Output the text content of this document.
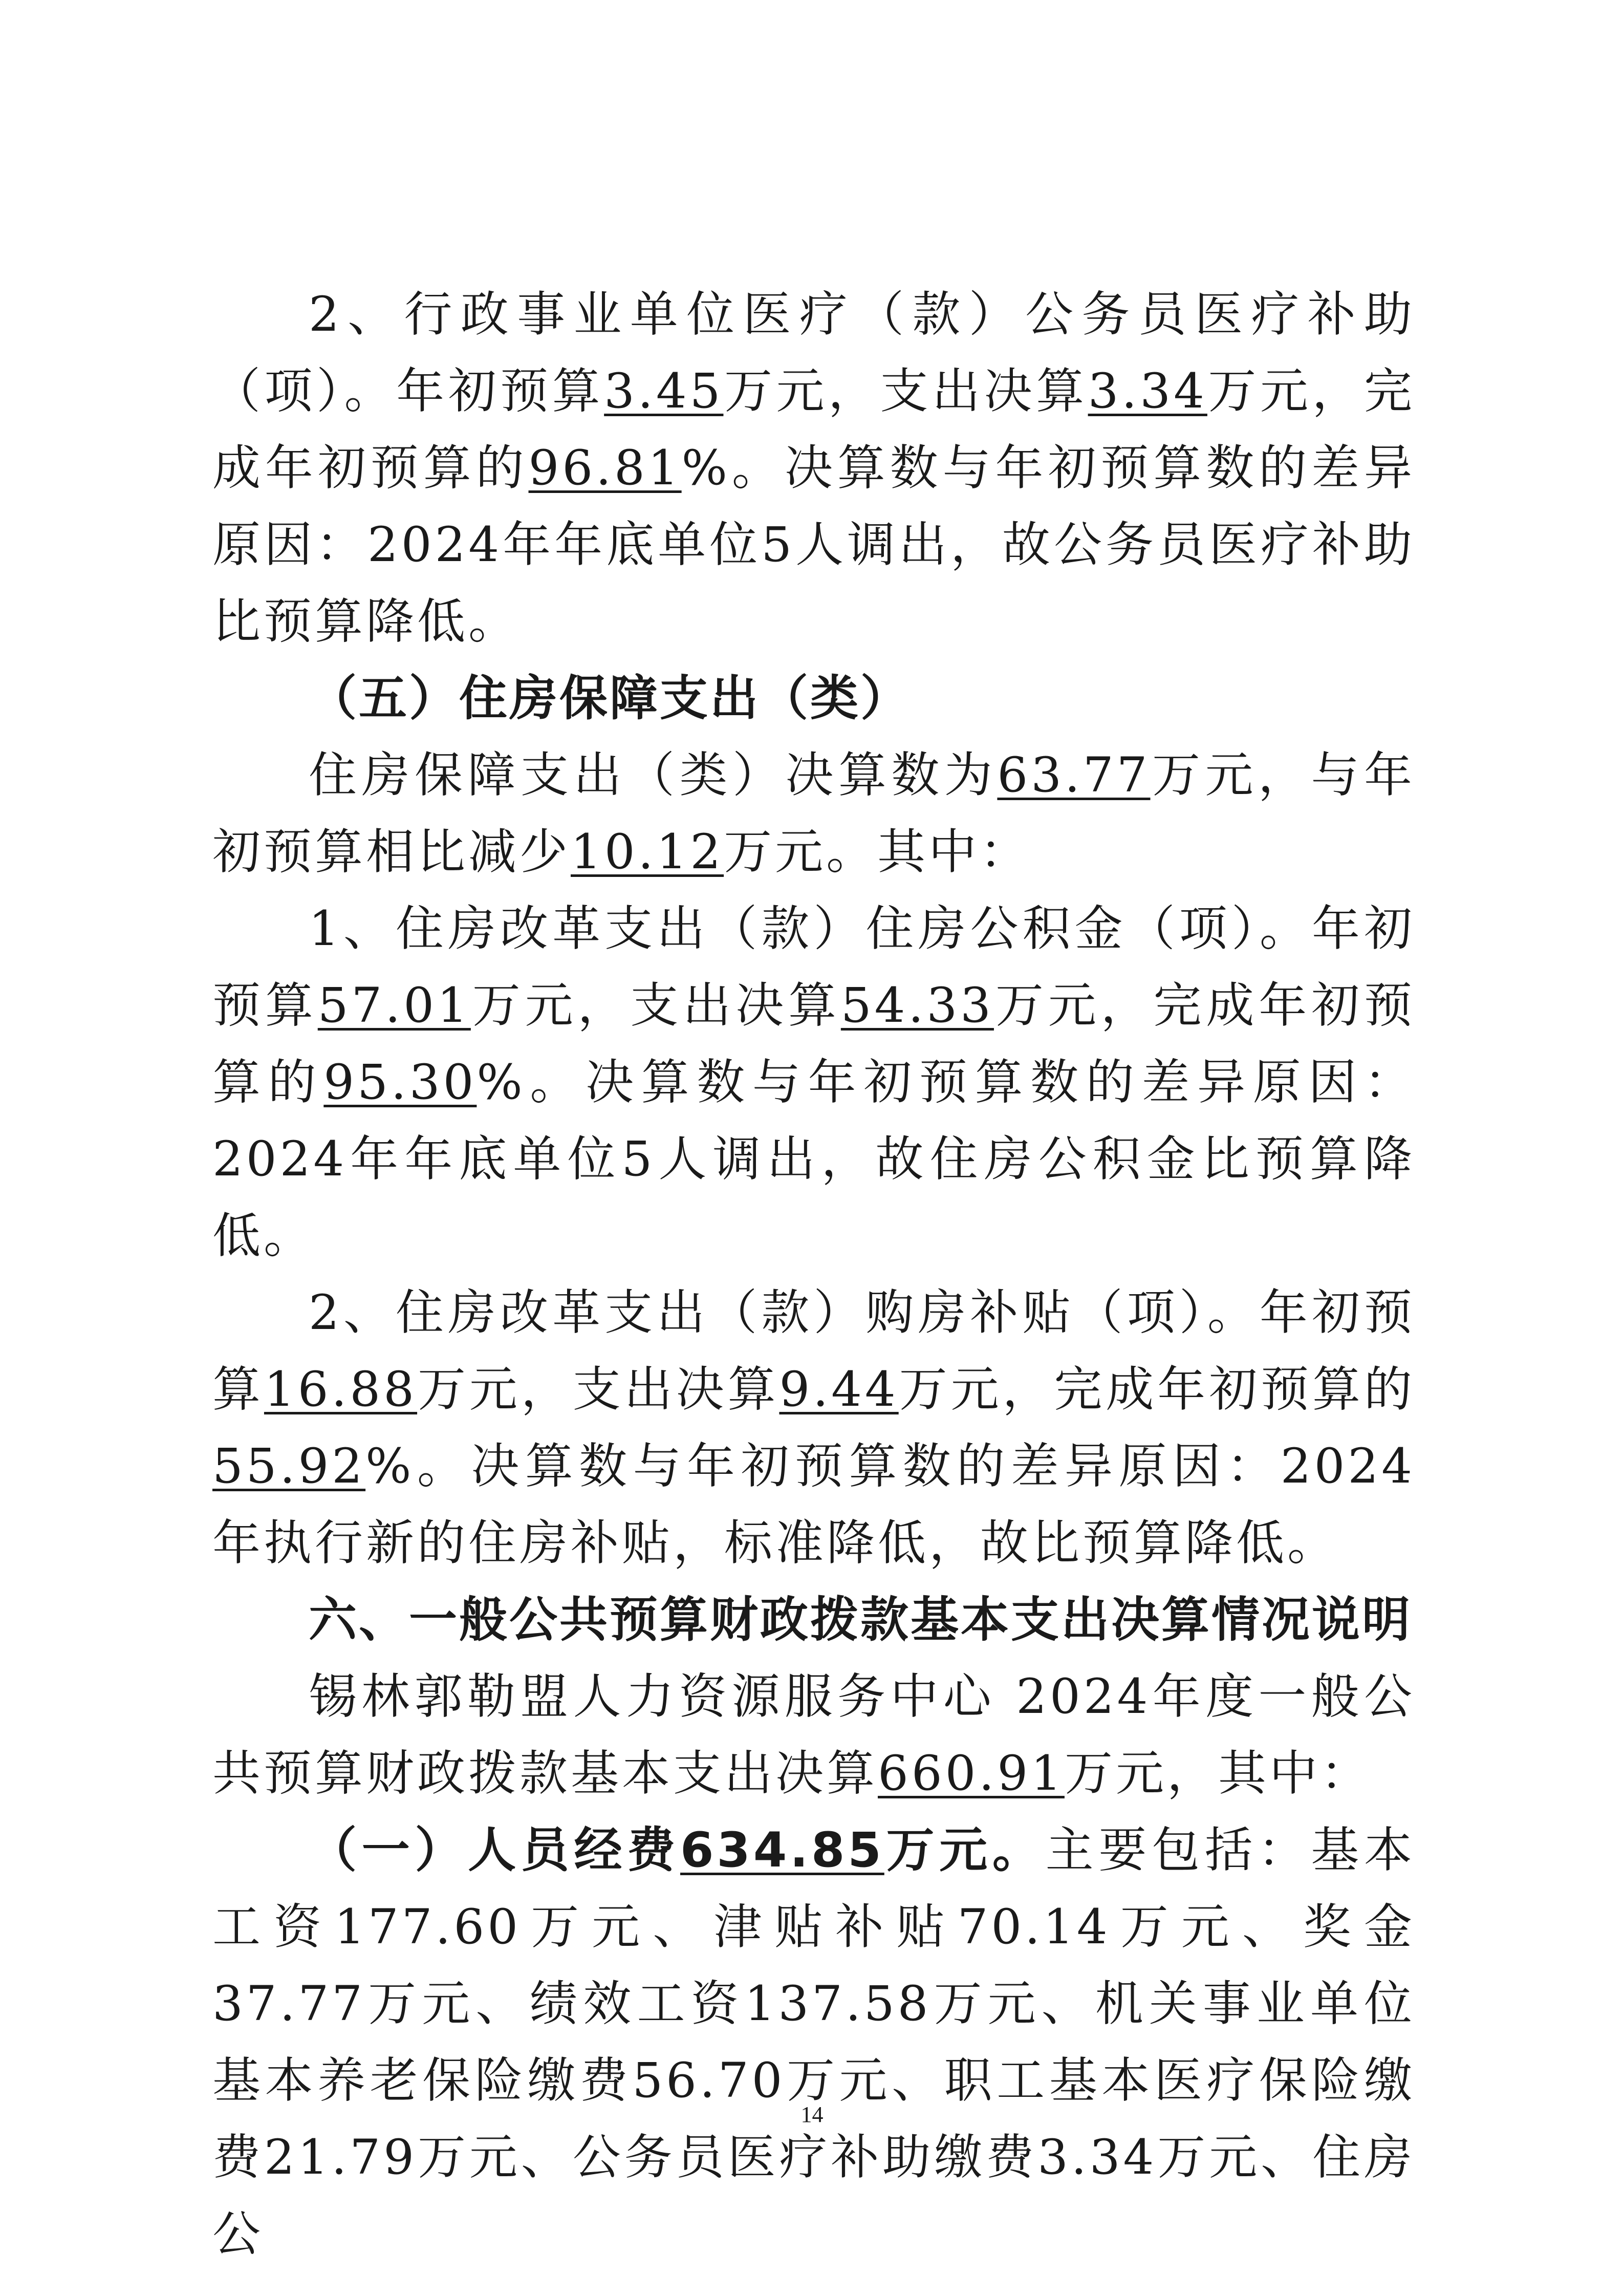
2、行政事业单位医疗（款）公务员医疗补助（项）。年初预算3.45万元，支出决算3.34万元，完成年初预算的96.81%。决算数与年初预算数的差异原因：2024年年底单位5人调出，故公务员医疗补助比预算降低。

（五）住房保障支出（类）

住房保障支出（类）决算数为63.77万元，与年初预算相比减少10.12万元。其中：

1、住房改革支出（款）住房公积金（项）。年初预算57.01万元，支出决算54.33万元，完成年初预算的95.30%。决算数与年初预算数的差异原因：2024年年底单位5人调出，故住房公积金比预算降低。

2、住房改革支出（款）购房补贴（项）。年初预算16.88万元，支出决算9.44万元，完成年初预算的55.92%。决算数与年初预算数的差异原因：2024年执行新的住房补贴，标准降低，故比预算降低。

六、一般公共预算财政拨款基本支出决算情况说明

锡林郭勒盟人力资源服务中心 2024年度一般公共预算财政拨款基本支出决算660.91万元，其中：

（一）人员经费634.85万元。主要包括：基本工资177.60万元、津贴补贴70.14万元、奖金37.77万元、绩效工资137.58万元、机关事业单位基本养老保险缴费56.70万元、职工基本医疗保险缴费21.79万元、公务员医疗补助缴费3.34万元、住房公

14
